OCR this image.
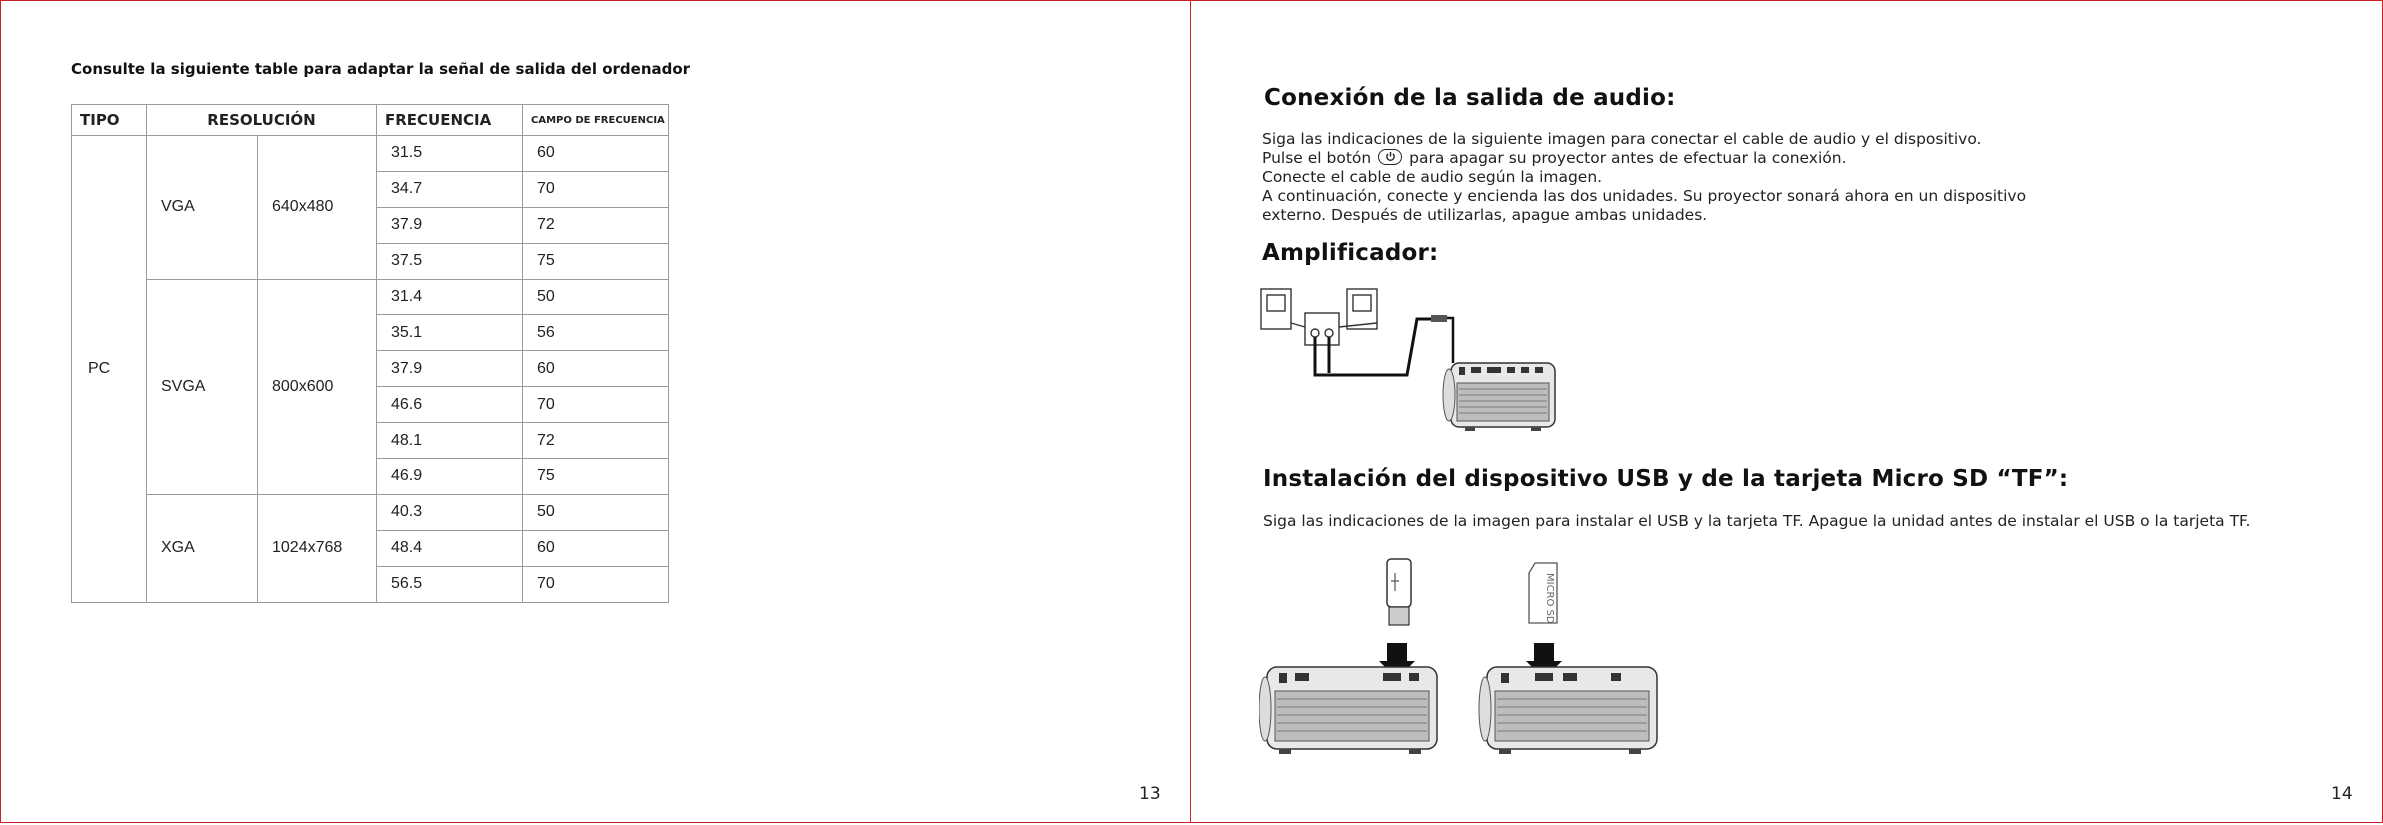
Consulte la siguiente table para adaptar la señal de salida del ordenador
TIPO	RESOLUCIÓN		FRECUENCIA	CAMPO DE FRECUENCIA
PC	VGA	640x480	31.5	60
			34.7	70
			37.9	72
			37.5	75
	SVGA	800x600	31.4	50
			35.1	56
			37.9	60
			46.6	70
			48.1	72
			46.9	75
	XGA	1024x768	40.3	50
			48.4	60
			56.5	70
13
Conexión de la salida de audio:
Siga las indicaciones de la siguiente imagen para conectar el cable de audio y el dispositivo.
Pulse el botón para apagar su proyector antes de efectuar la conexión.
Conecte el cable de audio según la imagen.
A continuación, conecte y encienda las dos unidades. Su proyector sonará ahora en un dispositivo
externo. Después de utilizarlas, apague ambas unidades.
Amplificador:
Instalación del dispositivo USB y de la tarjeta Micro SD “TF”:
Siga las indicaciones de la imagen para instalar el USB y la tarjeta TF. Apague la unidad antes de instalar el USB o la tarjeta TF.
MICRO SD
14
